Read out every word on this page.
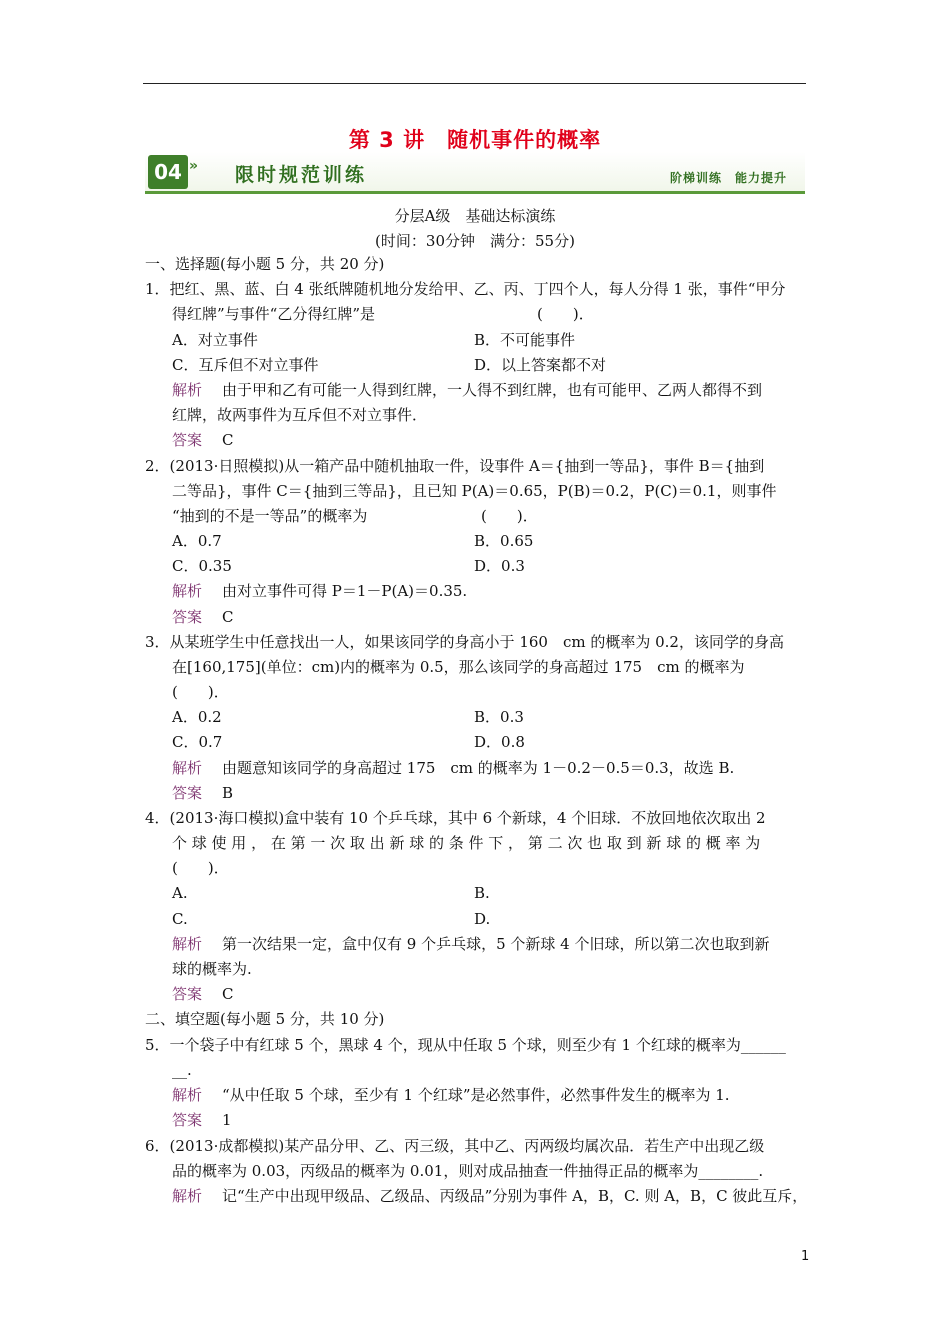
第 3 讲　随机事件的概率
04 » 限时规范训练	阶梯训练　能力提升
分层A级　基础达标演练
(时间：30分钟　满分：55分)
一、选择题(每小题 5 分，共 20 分)
1．把红、黑、蓝、白 4 张纸牌随机地分发给甲、乙、丙、丁四个人，每人分得 1 张，事件“甲分
得红牌”与事件“乙分得红牌”是	(　　)．
A．对立事件	B．不可能事件
C．互斥但不对立事件	D．以上答案都不对
解析 由于甲和乙有可能一人得到红牌，一人得不到红牌，也有可能甲、乙两人都得不到
红牌，故两事件为互斥但不对立事件．
答案 C
2．(2013·日照模拟)从一箱产品中随机抽取一件，设事件 A＝{抽到一等品}，事件 B＝{抽到
二等品}，事件 C＝{抽到三等品}，且已知 P(A)＝0.65，P(B)＝0.2，P(C)＝0.1，则事件
“抽到的不是一等品”的概率为	(　　)．
A．0.7	B．0.65
C．0.35	D．0.3
解析 由对立事件可得 P＝1－P(A)＝0.35.
答案 C
3．从某班学生中任意找出一人，如果该同学的身高小于 160　cm 的概率为 0.2，该同学的身高
在[160,175](单位：cm)内的概率为 0.5，那么该同学的身高超过 175　cm 的概率为
(　　)．
A．0.2	B．0.3
C．0.7	D．0.8
解析 由题意知该同学的身高超过 175　cm 的概率为 1－0.2－0.5＝0.3，故选 B.
答案 B
4．(2013·海口模拟)盒中装有 10 个乒乓球，其中 6 个新球，4 个旧球．不放回地依次取出 2
个 球 使 用 ， 在 第 一 次 取 出 新 球 的 条 件 下 ， 第 二 次 也 取 到 新 球 的 概 率 为
(　　)．
A.	B.
C.	D.
解析 第一次结果一定，盒中仅有 9 个乒乓球，5 个新球 4 个旧球，所以第二次也取到新
球的概率为.
答案 C
二、填空题(每小题 5 分，共 10 分)
5．一个袋子中有红球 5 个，黑球 4 个，现从中任取 5 个球，则至少有 1 个红球的概率为______
__.
解析 “从中任取 5 个球，至少有 1 个红球”是必然事件，必然事件发生的概率为 1.
答案 1
6．(2013·成都模拟)某产品分甲、乙、丙三级，其中乙、丙两级均属次品．若生产中出现乙级
品的概率为 0.03，丙级品的概率为 0.01，则对成品抽查一件抽得正品的概率为________.
解析 记“生产中出现甲级品、乙级品、丙级品”分别为事件 A，B，C. 则 A，B，C 彼此互斥，
1
